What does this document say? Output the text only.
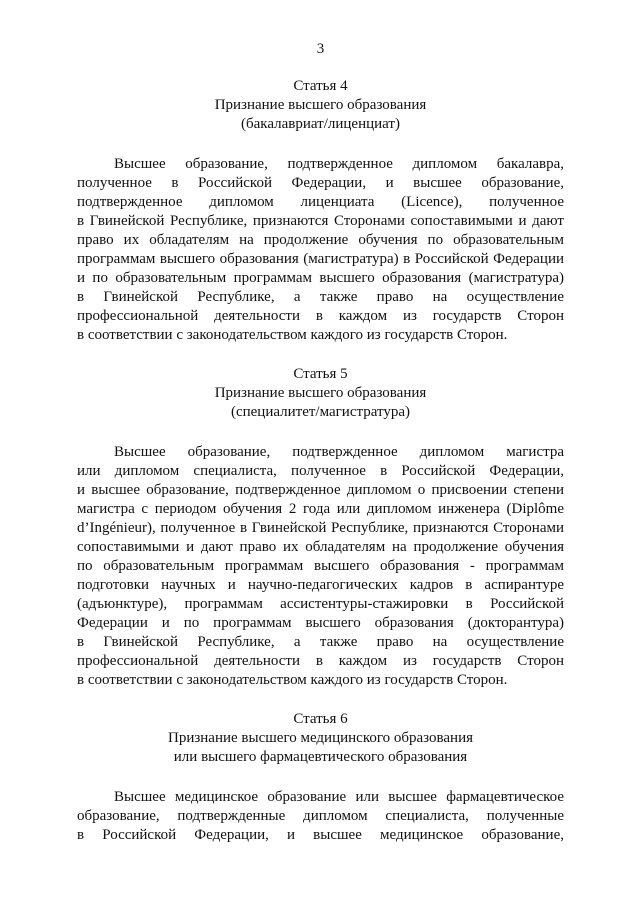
3
Статья 4
Признание высшего образования
(бакалавриат/лиценциат)
Высшее образование, подтвержденное дипломом бакалавра,
полученное в Российской Федерации, и высшее образование,
подтвержденное дипломом лиценциата (Licence), полученное
в Гвинейской Республике, признаются Сторонами сопоставимыми и дают
право их обладателям на продолжение обучения по образовательным
программам высшего образования (магистратура) в Российской Федерации
и по образовательным программам высшего образования (магистратура)
в Гвинейской Республике, а также право на осуществление
профессиональной деятельности в каждом из государств Сторон
в соответствии с законодательством каждого из государств Сторон.
Статья 5
Признание высшего образования
(специалитет/магистратура)
Высшее образование, подтвержденное дипломом магистра
или дипломом специалиста, полученное в Российской Федерации,
и высшее образование, подтвержденное дипломом о присвоении степени
магистра с периодом обучения 2 года или дипломом инженера (Diplôme
d’Ingénieur), полученное в Гвинейской Республике, признаются Сторонами
сопоставимыми и дают право их обладателям на продолжение обучения
по образовательным программам высшего образования - программам
подготовки научных и научно-педагогических кадров в аспирантуре
(адъюнктуре), программам ассистентуры-стажировки в Российской
Федерации и по программам высшего образования (докторантура)
в Гвинейской Республике, а также право на осуществление
профессиональной деятельности в каждом из государств Сторон
в соответствии с законодательством каждого из государств Сторон.
Статья 6
Признание высшего медицинского образования
или высшего фармацевтического образования
Высшее медицинское образование или высшее фармацевтическое
образование, подтвержденные дипломом специалиста, полученные
в Российской Федерации, и высшее медицинское образование,
